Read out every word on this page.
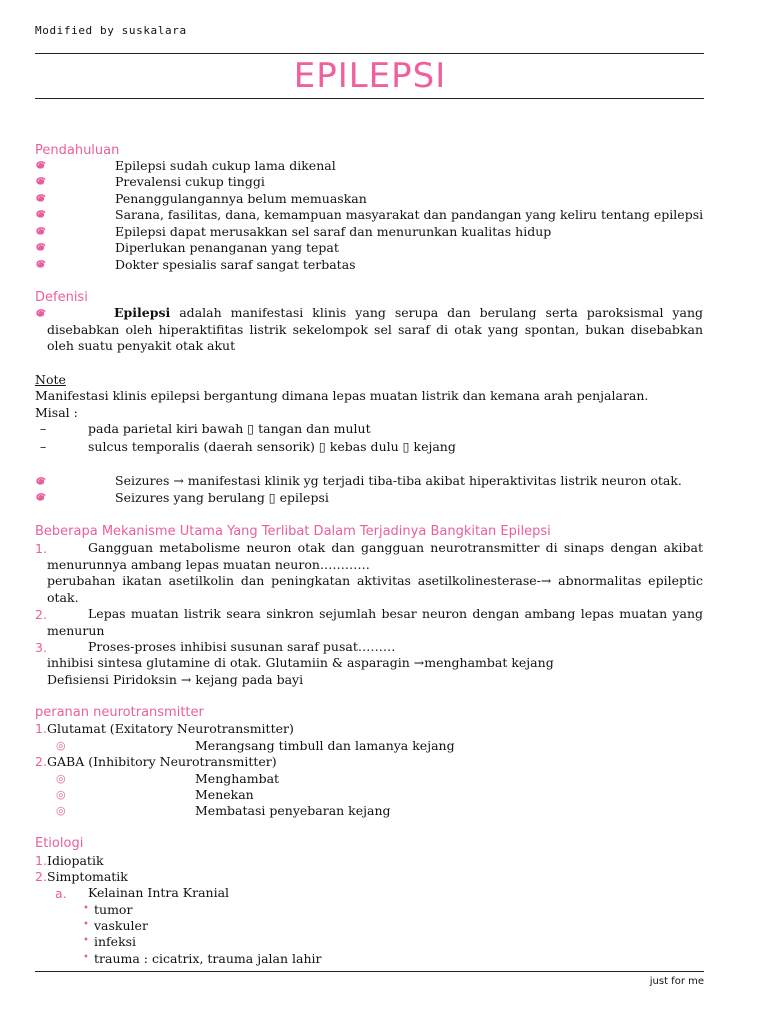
Modified by suskalara
EPILEPSI
Pendahuluan
Epilepsi sudah cukup lama dikenal
Prevalensi cukup tinggi
Penanggulangannya belum memuaskan
Sarana, fasilitas, dana, kemampuan masyarakat dan pandangan yang keliru tentang epilepsi
Epilepsi dapat merusakkan sel saraf dan menurunkan kualitas hidup
Diperlukan penanganan yang tepat
Dokter spesialis saraf sangat terbatas
Defenisi
Epilepsi adalah manifestasi klinis yang serupa dan berulang serta paroksismal yang disebabkan oleh hiperaktifitas listrik sekelompok sel saraf di otak yang spontan, bukan disebabkan oleh suatu penyakit otak akut
Note
Manifestasi klinis epilepsi bergantung dimana lepas muatan listrik dan kemana arah penjalaran.
Misal :
–	pada parietal kiri bawah ▯ tangan dan mulut
–	sulcus temporalis (daerah sensorik) ▯ kebas dulu ▯ kejang
Seizures → manifestasi klinik yg terjadi tiba-tiba akibat hiperaktivitas listrik neuron otak.
Seizures yang berulang ▯ epilepsi
Beberapa Mekanisme Utama Yang Terlibat Dalam Terjadinya Bangkitan Epilepsi
1.	Gangguan metabolisme neuron otak dan gangguan neurotransmitter di sinaps dengan akibat menurunnya ambang lepas muatan neuron…………
perubahan ikatan asetilkolin dan peningkatan aktivitas asetilkolinesterase-→ abnormalitas epileptic otak.
2.	Lepas muatan listrik seara sinkron sejumlah besar neuron dengan ambang lepas muatan yang menurun
3.	Proses-proses inhibisi susunan saraf pusat………
inhibisi sintesa glutamine di otak. Glutamiin & asparagin →menghambat kejang
Defisiensi Piridoksin → kejang pada bayi
peranan neurotransmitter
1. Glutamat (Exitatory Neurotransmitter)
◎	Merangsang timbull dan lamanya kejang
2. GABA (Inhibitory Neurotransmitter)
◎	Menghambat
◎	Menekan
◎	Membatasi penyebaran kejang
Etiologi
1. Idiopatik
2. Simptomatik
a. Kelainan Intra Kranial
• tumor
• vaskuler
• infeksi
• trauma : cicatrix, trauma jalan lahir
just for me
